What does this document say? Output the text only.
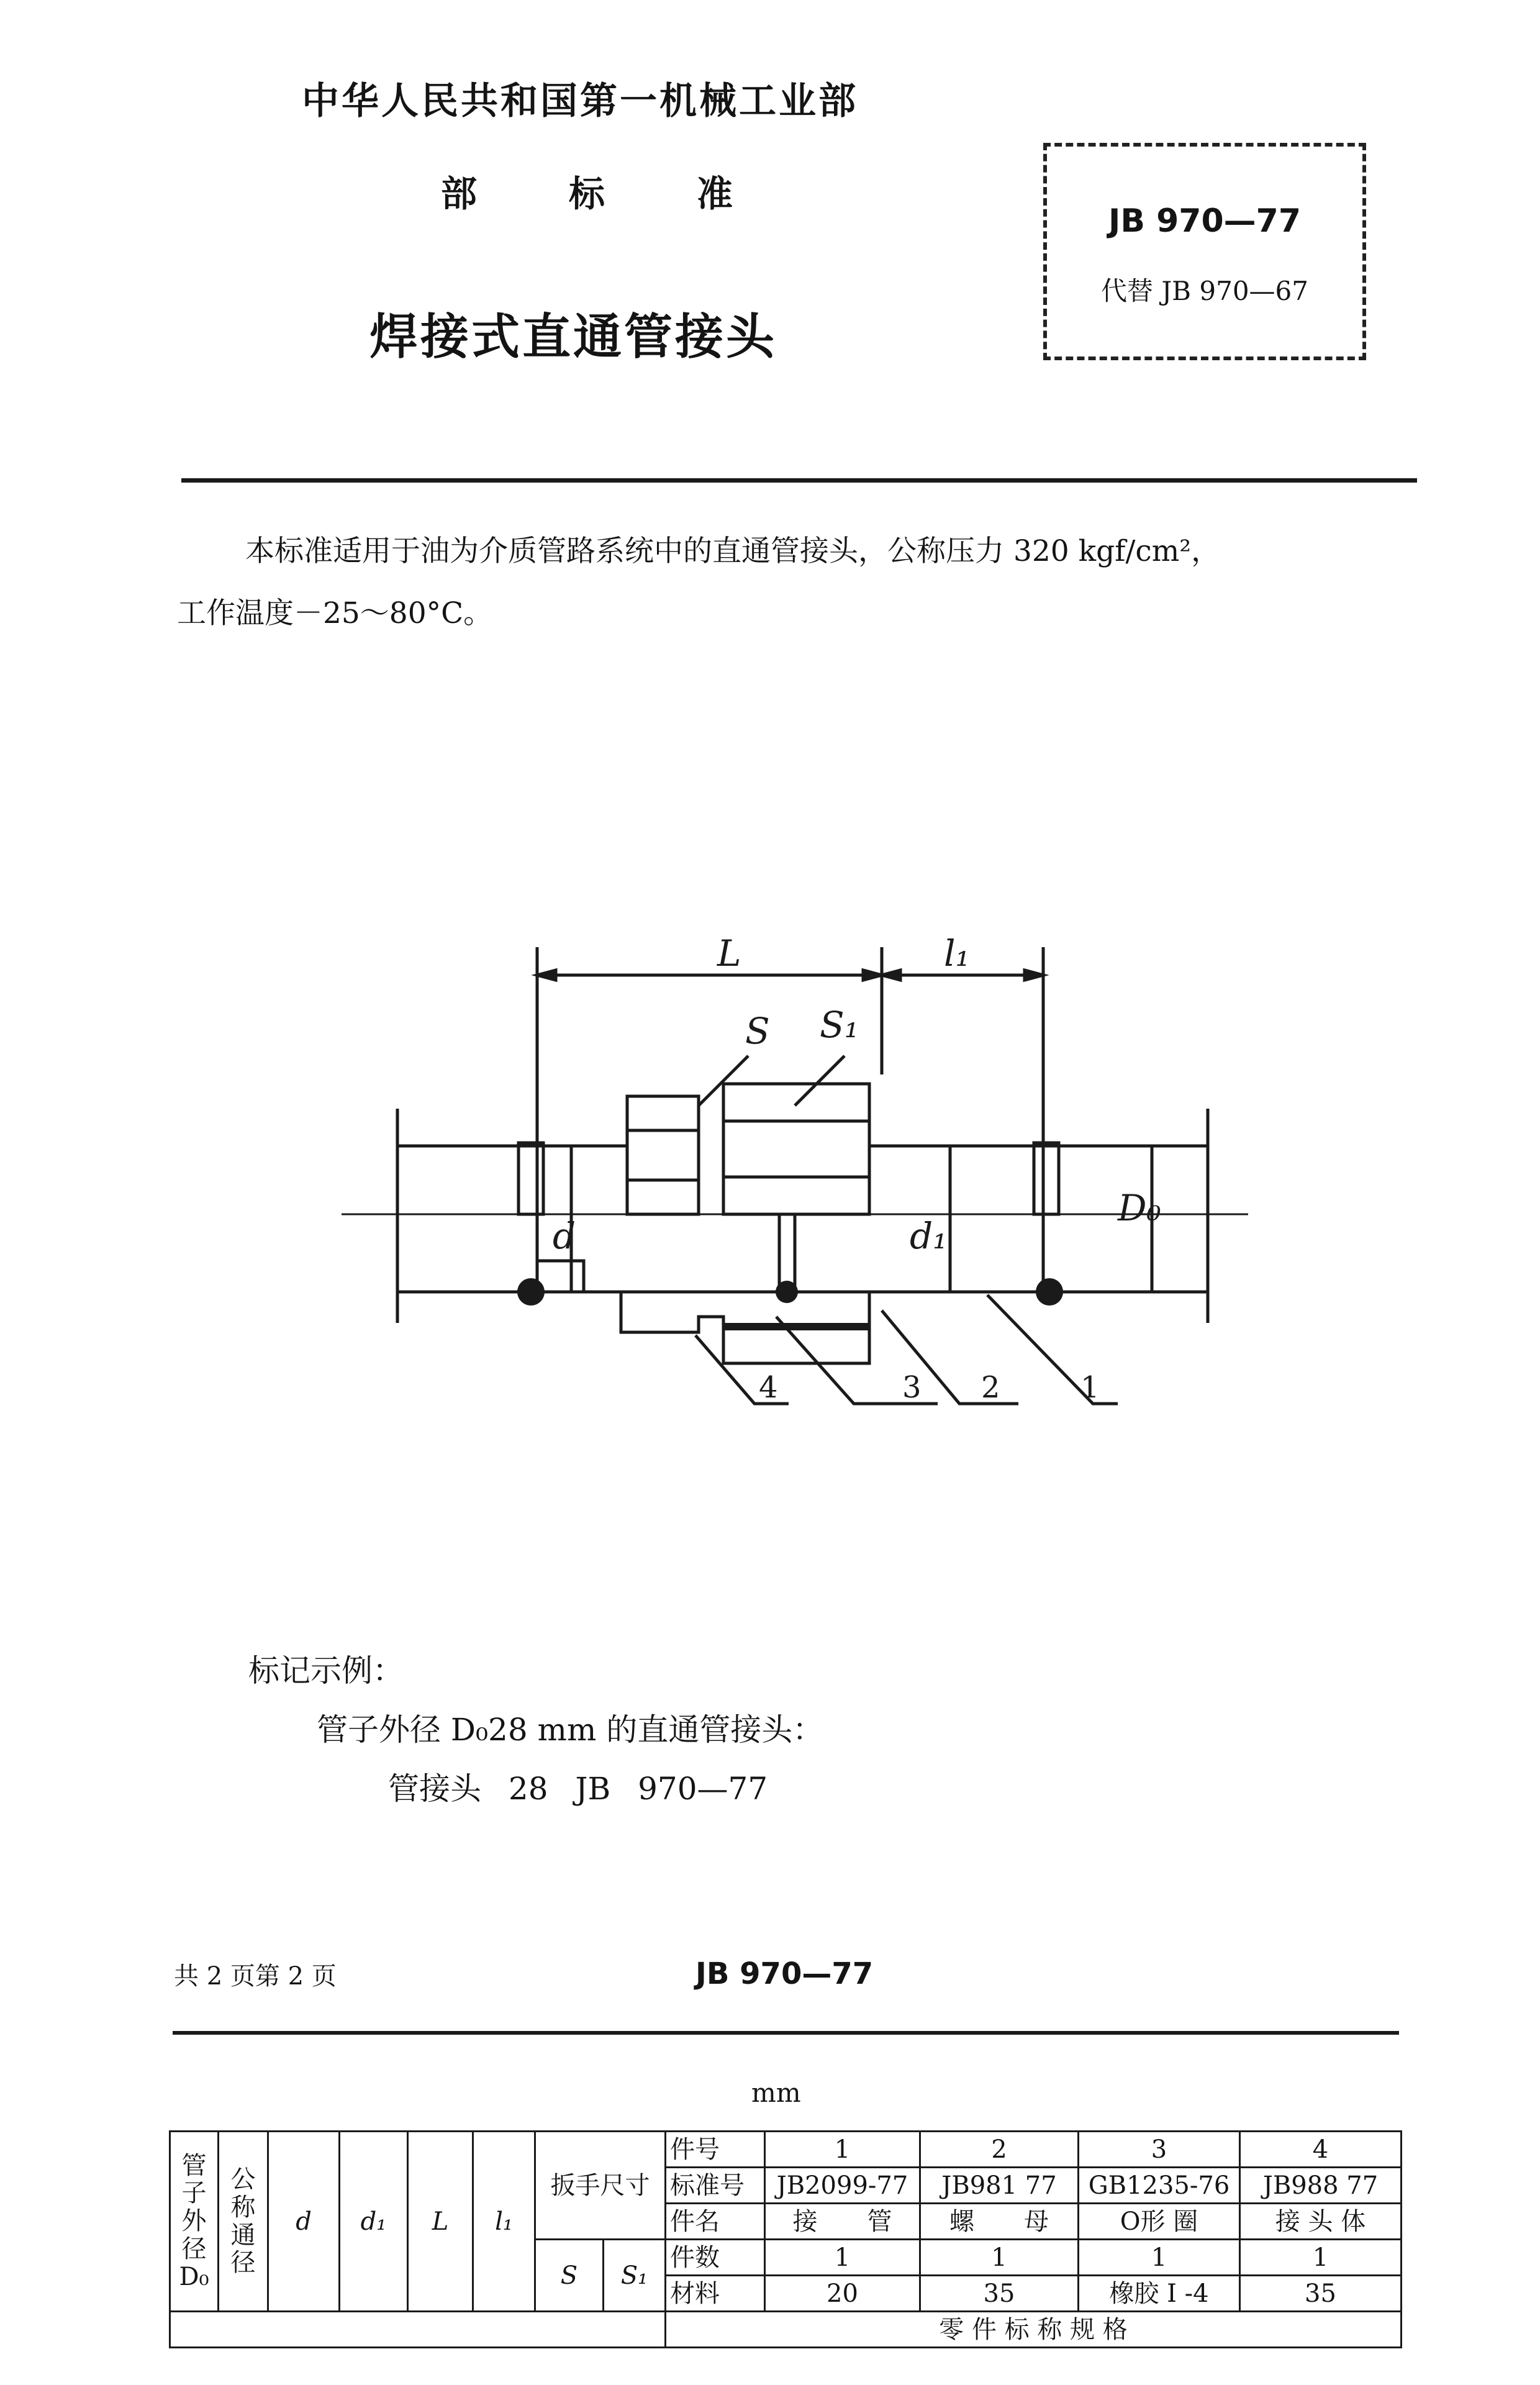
中华人民共和国第一机械工业部
部	标	准
焊接式直通管接头
JB 970—77
代替 JB 970—67
本标准适用于油为介质管路系统中的直通管接头，公称压力 320 kgf/cm²，
工作温度－25～80°C。
L	l₁
S S₁
d	d₁
D₀
4	3 2	1
标记示例：
管子外径 D₀28 mm 的直通管接头：
管接头 28 JB 970—77
共 2 页第 2 页	JB 970—77
mm
管子外径D₀	公称通径	d	d₁	L	l₁	扳手尺寸		件号	1	2	3	4
								标准号	JB2099-77	JB981 77	GB1235-76	JB988 77
								件名	接　　管	螺　　母	O形 圈	接 头 体
						S	S₁	件数	1	1	1	1
								材料	20	35	橡胶 I -4	35
								零 件 标 称 规 格				
